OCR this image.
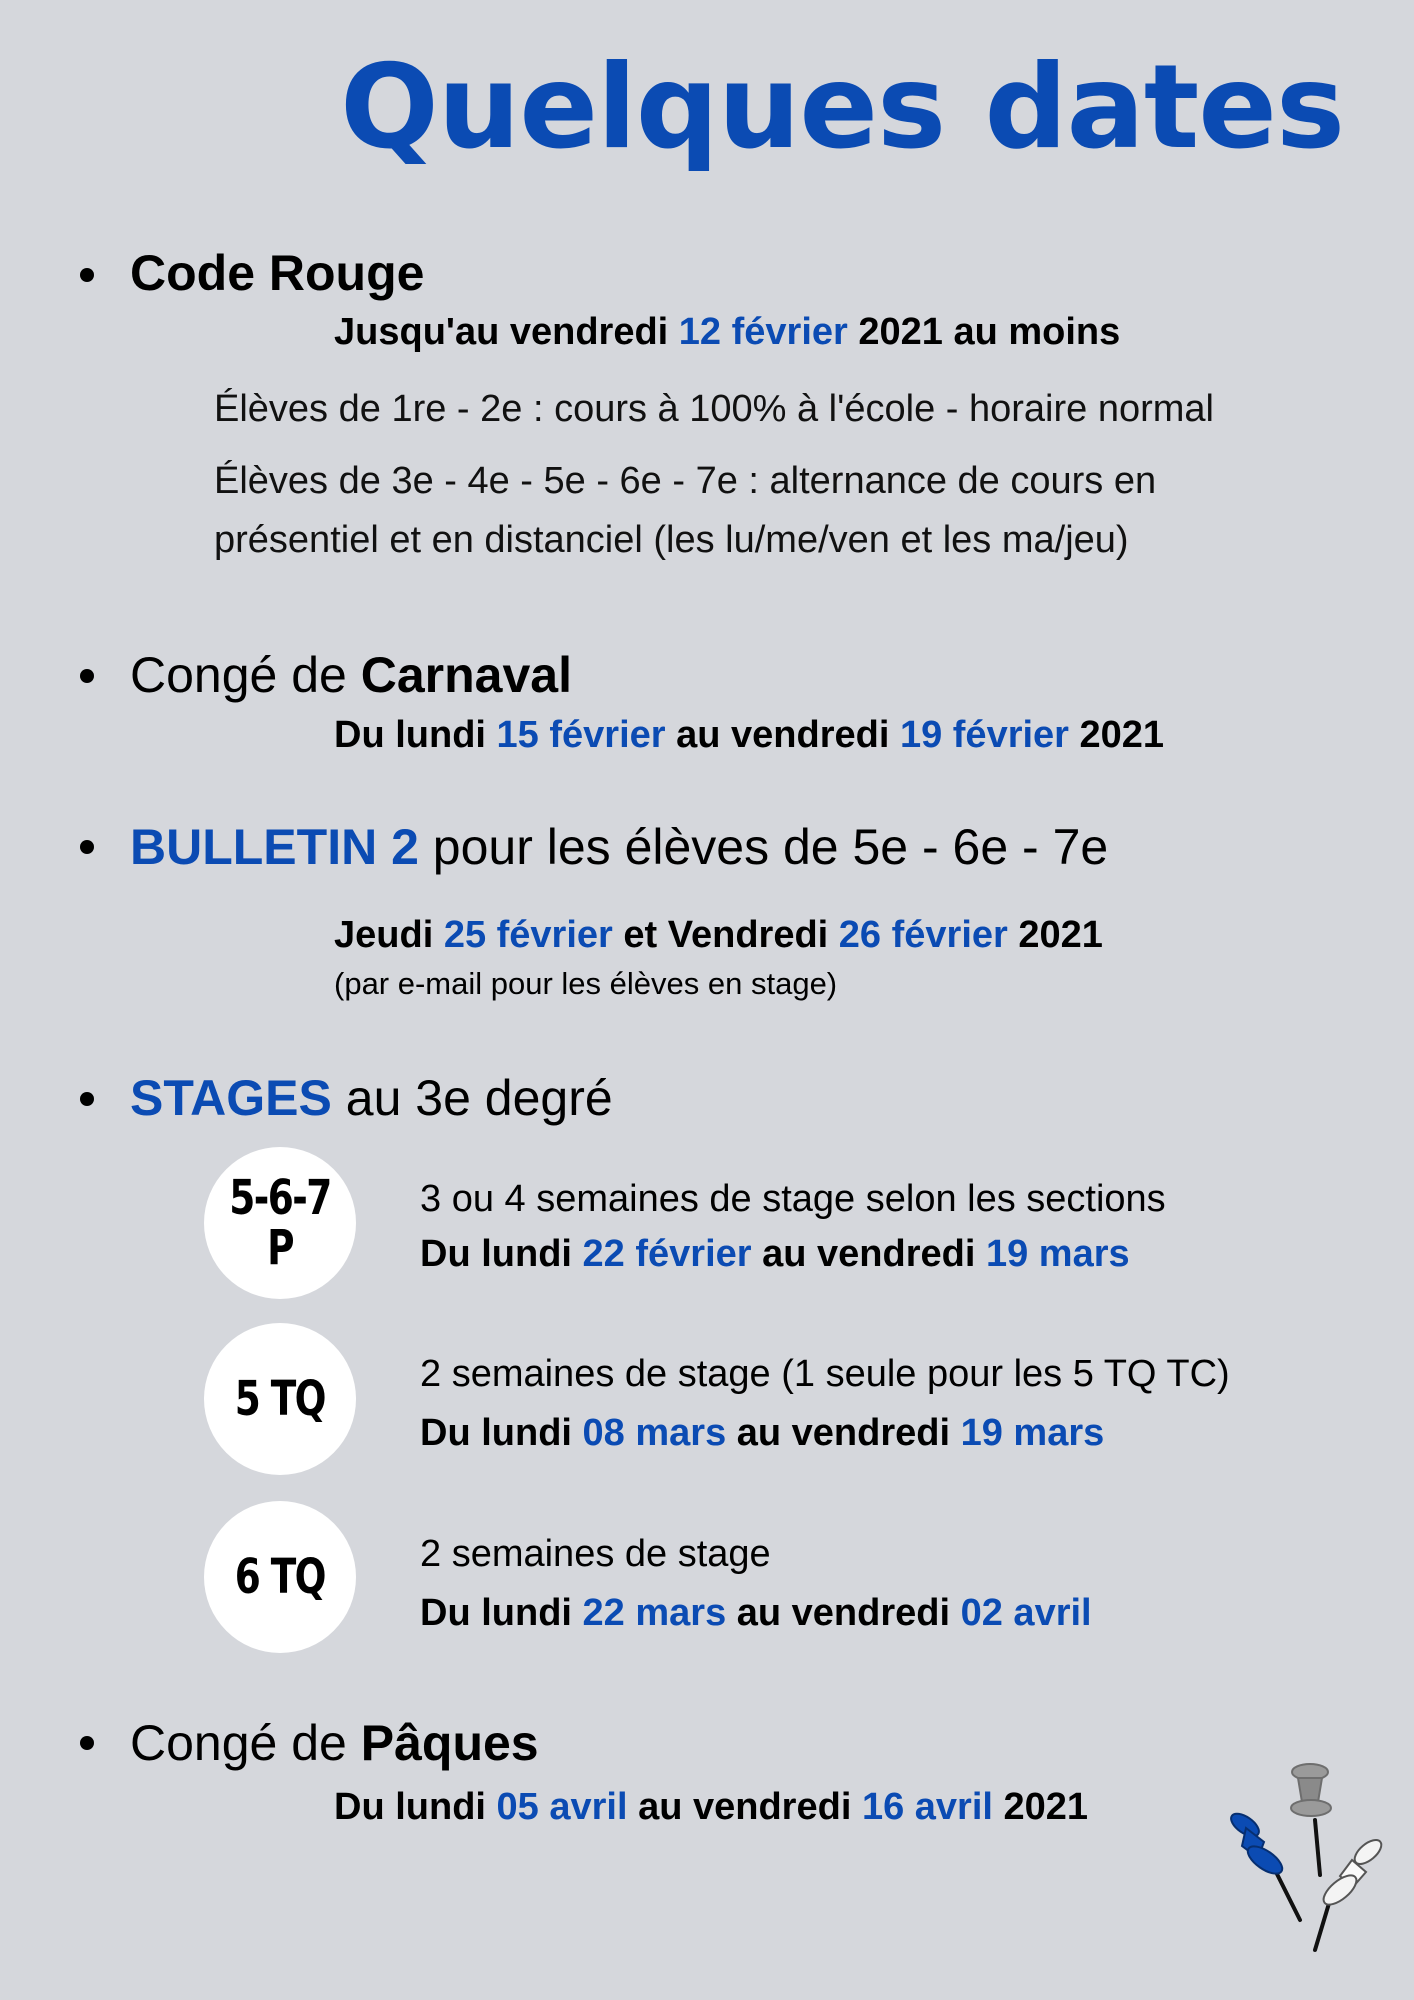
Quelques dates
Code Rouge
Jusqu'au vendredi 12 février 2021 au moins
Élèves de 1re - 2e : cours à 100% à l'école - horaire normal
Élèves de 3e - 4e - 5e - 6e - 7e : alternance de cours en
présentiel et en distanciel (les lu/me/ven et les ma/jeu)
Congé de Carnaval
Du lundi 15 février au vendredi 19 février 2021
BULLETIN 2 pour les élèves de 5e - 6e - 7e
Jeudi 25 février et Vendredi 26 février 2021
(par e-mail pour les élèves en stage)
STAGES au 3e degré
5-6-7
P
3 ou 4 semaines de stage selon les sections
Du lundi 22 février au vendredi 19 mars
5 TQ 2 semaines de stage (1 seule pour les 5 TQ TC)
Du lundi 08 mars au vendredi 19 mars
6 TQ 2 semaines de stage
Du lundi 22 mars au vendredi 02 avril
Congé de Pâques
Du lundi 05 avril au vendredi 16 avril 2021
